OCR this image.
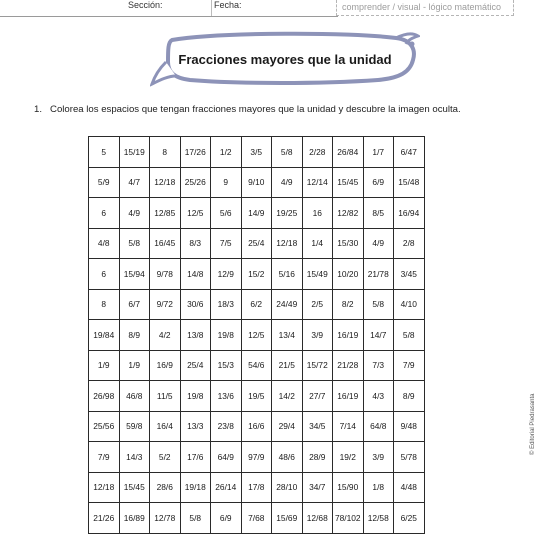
Sección:	Fecha:	comprender / visual - lógico matemático
Fracciones mayores que la unidad
1. Colorea los espacios que tengan fracciones mayores que la unidad y descubre la imagen oculta.
5	15/19	8	17/26	1/2	3/5	5/8	2/28	26/84	1/7	6/47
5/9	4/7	12/18	25/26	9	9/10	4/9	12/14	15/45	6/9	15/48
6	4/9	12/85	12/5	5/6	14/9	19/25	16	12/82	8/5	16/94
4/8	5/8	16/45	8/3	7/5	25/4	12/18	1/4	15/30	4/9	2/8
6	15/94	9/78	14/8	12/9	15/2	5/16	15/49	10/20	21/78	3/45
8	6/7	9/72	30/6	18/3	6/2	24/49	2/5	8/2	5/8	4/10
19/84	8/9	4/2	13/8	19/8	12/5	13/4	3/9	16/19	14/7	5/8
1/9	1/9	16/9	25/4	15/3	54/6	21/5	15/72	21/28	7/3	7/9
26/98	46/8	11/5	19/8	13/6	19/5	14/2	27/7	16/19	4/3	8/9
25/56	59/8	16/4	13/3	23/8	16/6	29/4	34/5	7/14	64/8	9/48
7/9	14/3	5/2	17/6	64/9	97/9	48/6	28/9	19/2	3/9	5/78
12/18	15/45	28/6	19/18	26/14	17/8	28/10	34/7	15/90	1/8	4/48
21/26	16/89	12/78	5/8	6/9	7/68	15/69	12/68	78/102	12/58	6/25
© Editorial Piedrasanta
